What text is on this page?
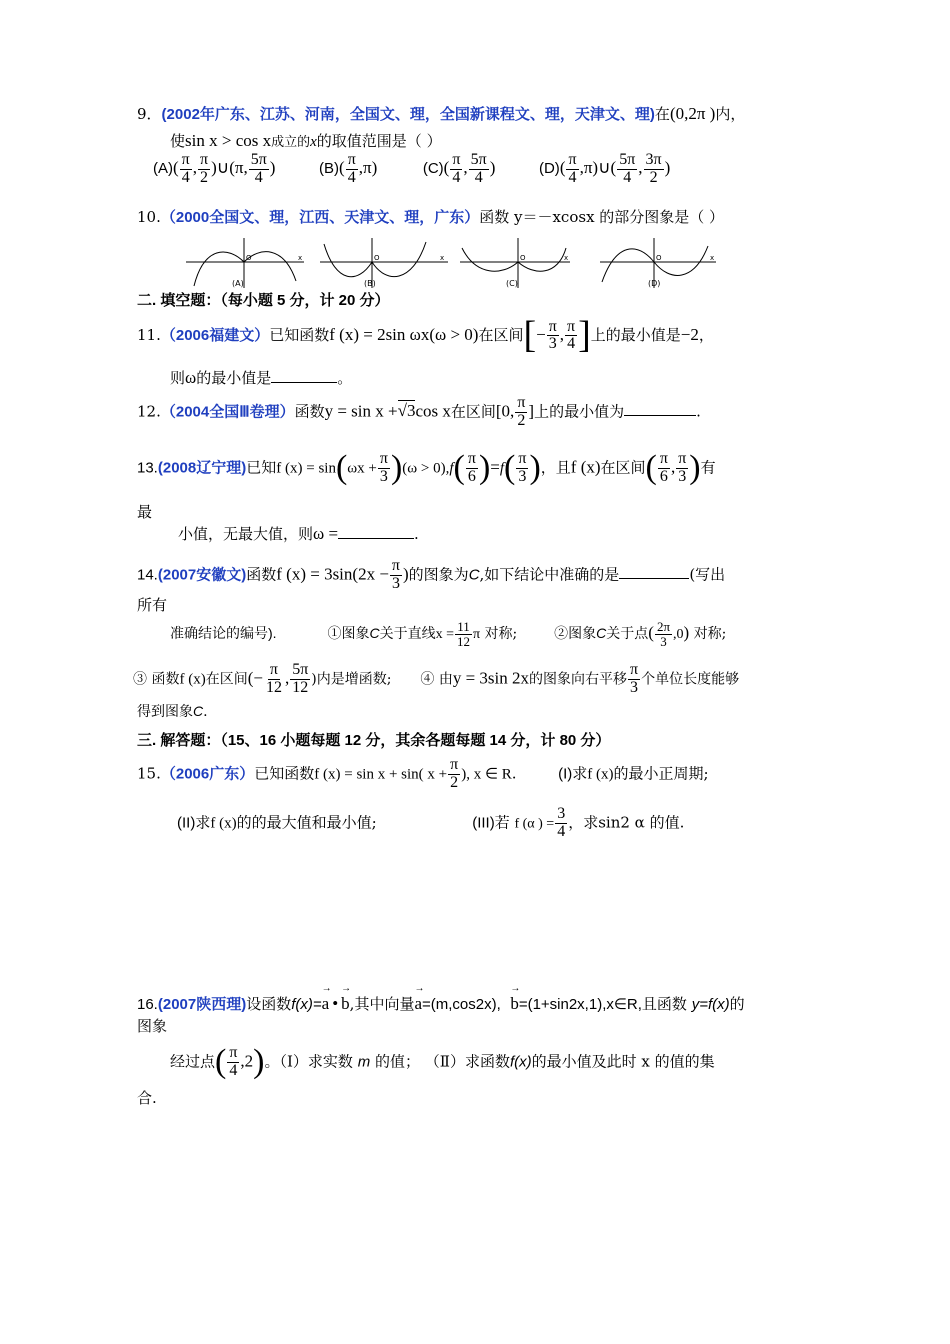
9．(2002年广东、江苏、河南，全国文、理，全国新课程文、理，天津文、理)在(0,2π )内，
使sin x > cos x成立的x的取值范围是（ ）
$(A)( \frac{\pi}{4}$ , $\frac{\pi}{2}$ )∪(π, $\frac{5\pi}{4}$ )	$(B)( \frac{\pi}{4} ,\pi)$	$(C)( \frac{\pi}{4}$ , $\frac{5\pi}{4}$ )	$(D)( \frac{\pi}{4}$ ,π)∪( $\frac{5\pi}{4}$ , $\frac{3\pi}{2}$ )
10.（2000全国文、理，江西、天津文、理，广东）函数 y＝－xcosx 的部分图象是（ ）
(A)	(B)	(C)	(D)
O	O	O	O
x	x	x	x
二. 填空题：（每小题 5 分，计 20 分）
11.（2006福建文）已知函数f (x) = 2sin ωx(ω > 0)在区间[− $\frac{\pi}{3}$ , $\frac{\pi}{4}$ ]上的最小值是−2，
则ω的最小值是	。
12.（2004全国Ⅲ卷理）函数y = sin x +√3cos x在区间[0, $\frac{\pi}{2}$ ]上的最小值为	.
13.(2008辽宁理)已知f $(x) = \sin(\omega x + \frac{\pi}{3} )(\omega > 0),f( \frac{\pi}{6} )=f( \frac{\pi}{3}$ )，且f (x)在区间( $\frac{\pi}{6}$ , $\frac{\pi}{3}$ )有
最
小值，无最大值，则ω =	.
14.(2007安徽文)函数f $(x) = 3\sin(2x - \frac{\pi}{3}$ )的图象为C,如下结论中准确的是	(写出
所有
准确结论的编号).	①图象C关于直线$x = \frac{11}{12}$ π 对称;	②图象C关于点( $\frac{2\pi}{3} ,0$) 对称;
③ 函数f (x)在区间(− $\frac{\pi}{12}$ , $\frac{5\pi}{12}$ )内是增函数; ④ 由y = 3sin 2x的图象向右平移 $\frac{\pi}{3}$ 个单位长度能够
得到图象C.
三. 解答题：（15、16 小题每题 12 分，其余各题每题 14 分，计 80 分）
15.（2006广东）已知函数f (x) = sin x + sin( $x + \frac{\pi}{2}$ ), x ∈ R.	(I)求f (x)的最小正周期;
(II)求f (x)的的最大值和最小值;	(III)若 f (α ) = $\frac{3}{4}$ ，求sin2 α 的值.
16.(2007陕西理)设函数f(x)=
→
a •
→
b,其中向量
→
a=(m,cos2x),
→
b=(1+sin2x,1),x∈R,且函数 y=f(x)的
图象
经过点( $\frac{\pi}{4} ,2$)。（Ⅰ）求实数 m 的值； （Ⅱ）求函数f(x)的最小值及此时 x 的值的集
合.
